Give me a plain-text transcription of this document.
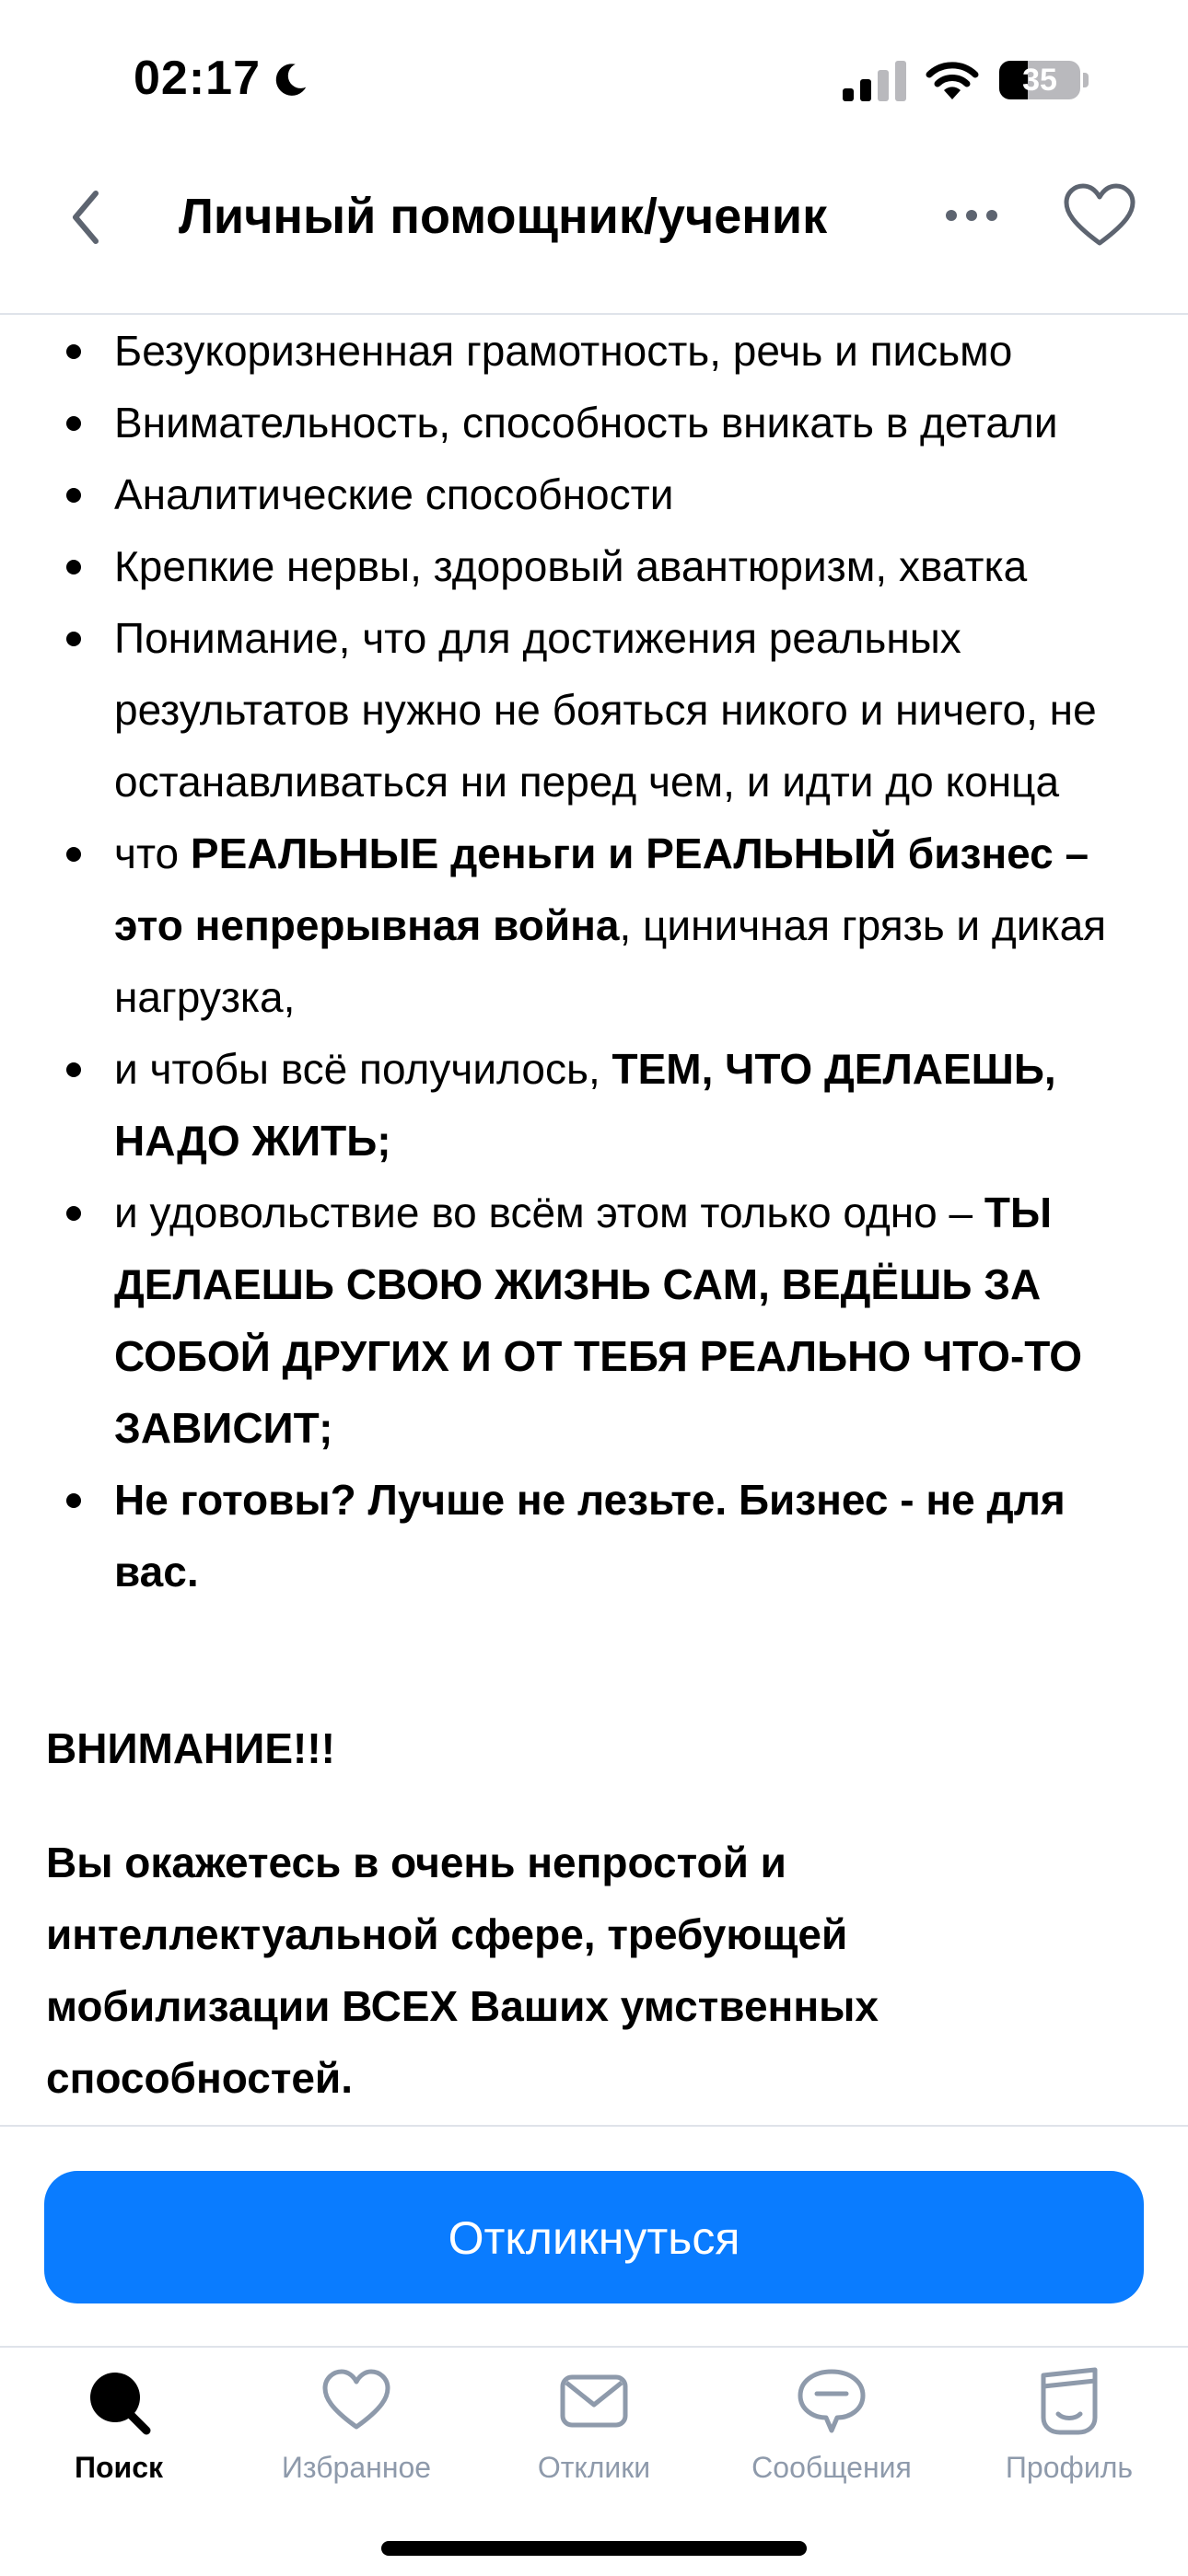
02:17	35
Личный помощник/ученик
Безукоризненная грамотность, речь и письмо
Внимательность, способность вникать в детали
Аналитические способности
Крепкие нервы, здоровый авантюризм, хватка
Понимание, что для достижения реальных результатов нужно не бояться никого и ничего, не останавливаться ни перед чем, и идти до конца
что РЕАЛЬНЫЕ деньги и РЕАЛЬНЫЙ бизнес – это непрерывная война, циничная грязь и дикая нагрузка,
и чтобы всё получилось, ТЕМ, ЧТО ДЕЛАЕШЬ, НАДО ЖИТЬ;
и удовольствие во всём этом только одно – ТЫ ДЕЛАЕШЬ СВОЮ ЖИЗНЬ САМ, ВЕДЁШЬ ЗА СОБОЙ ДРУГИХ И ОТ ТЕБЯ РЕАЛЬНО ЧТО-ТО ЗАВИСИТ;
Не готовы? Лучше не лезьте. Бизнес - не для вас.

ВНИМАНИЕ!!!

Вы окажетесь в очень непростой и интеллектуальной сфере, требующей мобилизации ВСЕХ Ваших умственных способностей.

Откликнуться
Поиск	Избранное	Отклики	Сообщения	Профиль
